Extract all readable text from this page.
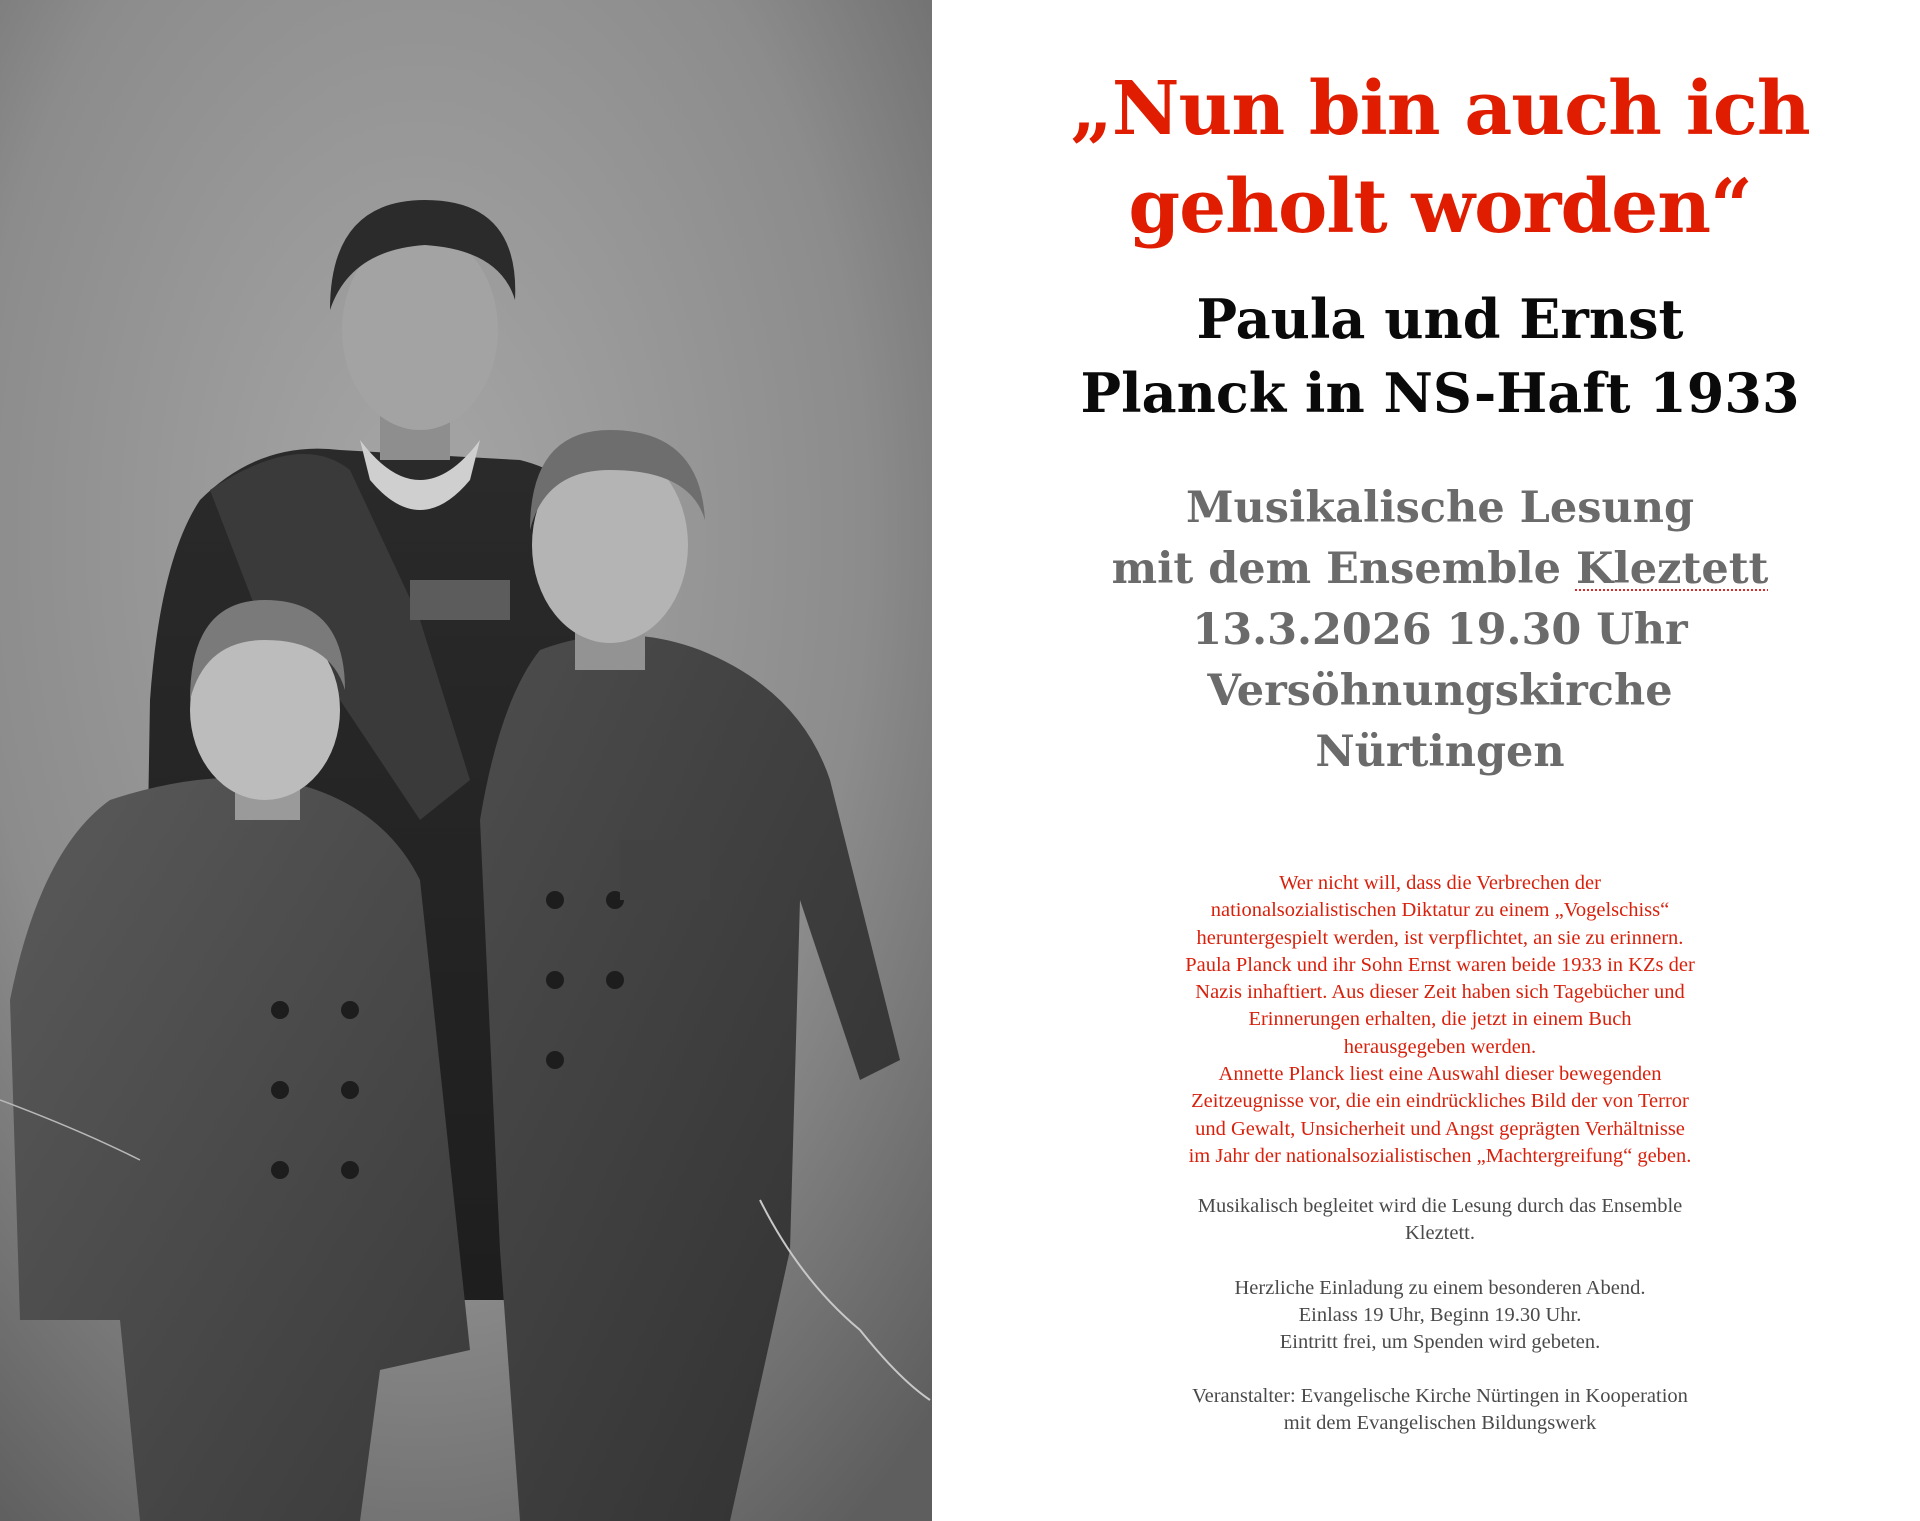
„Nun bin auch ich
geholt worden“
Paula und Ernst
Planck in NS-Haft 1933
Musikalische Lesung
mit dem Ensemble Kleztett
13.3.2026 19.30 Uhr
Versöhnungskirche
Nürtingen
Wer nicht will, dass die Verbrechen der
nationalsozialistischen Diktatur zu einem „Vogelschiss“
heruntergespielt werden, ist verpflichtet, an sie zu erinnern.
Paula Planck und ihr Sohn Ernst waren beide 1933 in KZs der
Nazis inhaftiert. Aus dieser Zeit haben sich Tagebücher und
Erinnerungen erhalten, die jetzt in einem Buch
herausgegeben werden.
Annette Planck liest eine Auswahl dieser bewegenden
Zeitzeugnisse vor, die ein eindrückliches Bild der von Terror
und Gewalt, Unsicherheit und Angst geprägten Verhältnisse
im Jahr der nationalsozialistischen „Machtergreifung“ geben.
Musikalisch begleitet wird die Lesung durch das Ensemble
Kleztett.
Herzliche Einladung zu einem besonderen Abend.
Einlass 19 Uhr, Beginn 19.30 Uhr.
Eintritt frei, um Spenden wird gebeten.
Veranstalter: Evangelische Kirche Nürtingen in Kooperation
mit dem Evangelischen Bildungswerk
